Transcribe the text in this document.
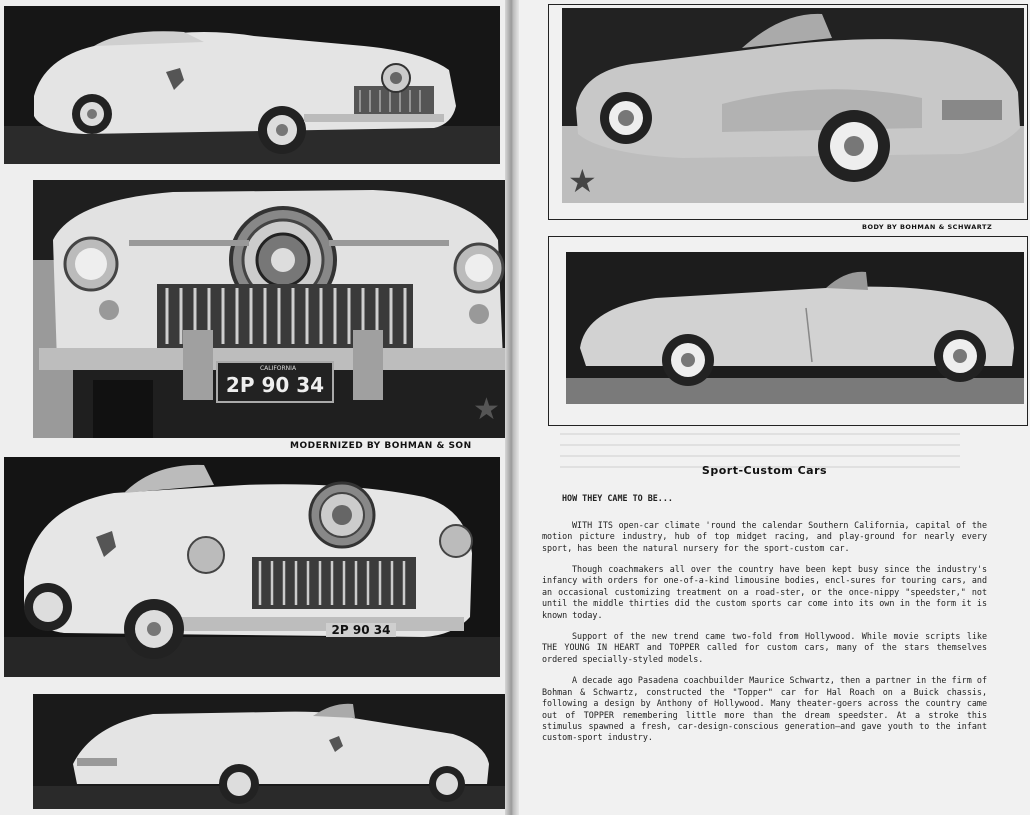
CALIFORNIA
2P 90 34
★
MODERNIZED BY BOHMAN & SON
2P 90 34
★
BODY BY BOHMAN & SCHWARTZ
Sport-Custom Cars
HOW THEY CAME TO BE...

WITH ITS open-car climate 'round the calendar Southern California, capital of the motion picture industry, hub of top midget racing, and play-ground for nearly every sport, has been the natural nursery for the sport-custom car.

Though coachmakers all over the country have been kept busy since the industry's infancy with orders for one-of-a-kind limousine bodies, encl-sures for touring cars, and an occasional customizing treatment on a road-ster, or the once-nippy "speedster," not until the middle thirties did the custom sports car come into its own in the form it is known today.

Support of the new trend came two-fold from Hollywood. While movie scripts like THE YOUNG IN HEART and TOPPER called for custom cars, many of the stars themselves ordered specially-styled models.

A decade ago Pasadena coachbuilder Maurice Schwartz, then a partner in the firm of Bohman & Schwartz, constructed the "Topper" car for Hal Roach on a Buick chassis, following a design by Anthony of Hollywood. Many theater-goers across the country came out of TOPPER remembering little more than the dream speedster. At a stroke this stimulus spawned a fresh, car-design-conscious generation—and gave youth to the infant custom-sport industry.
